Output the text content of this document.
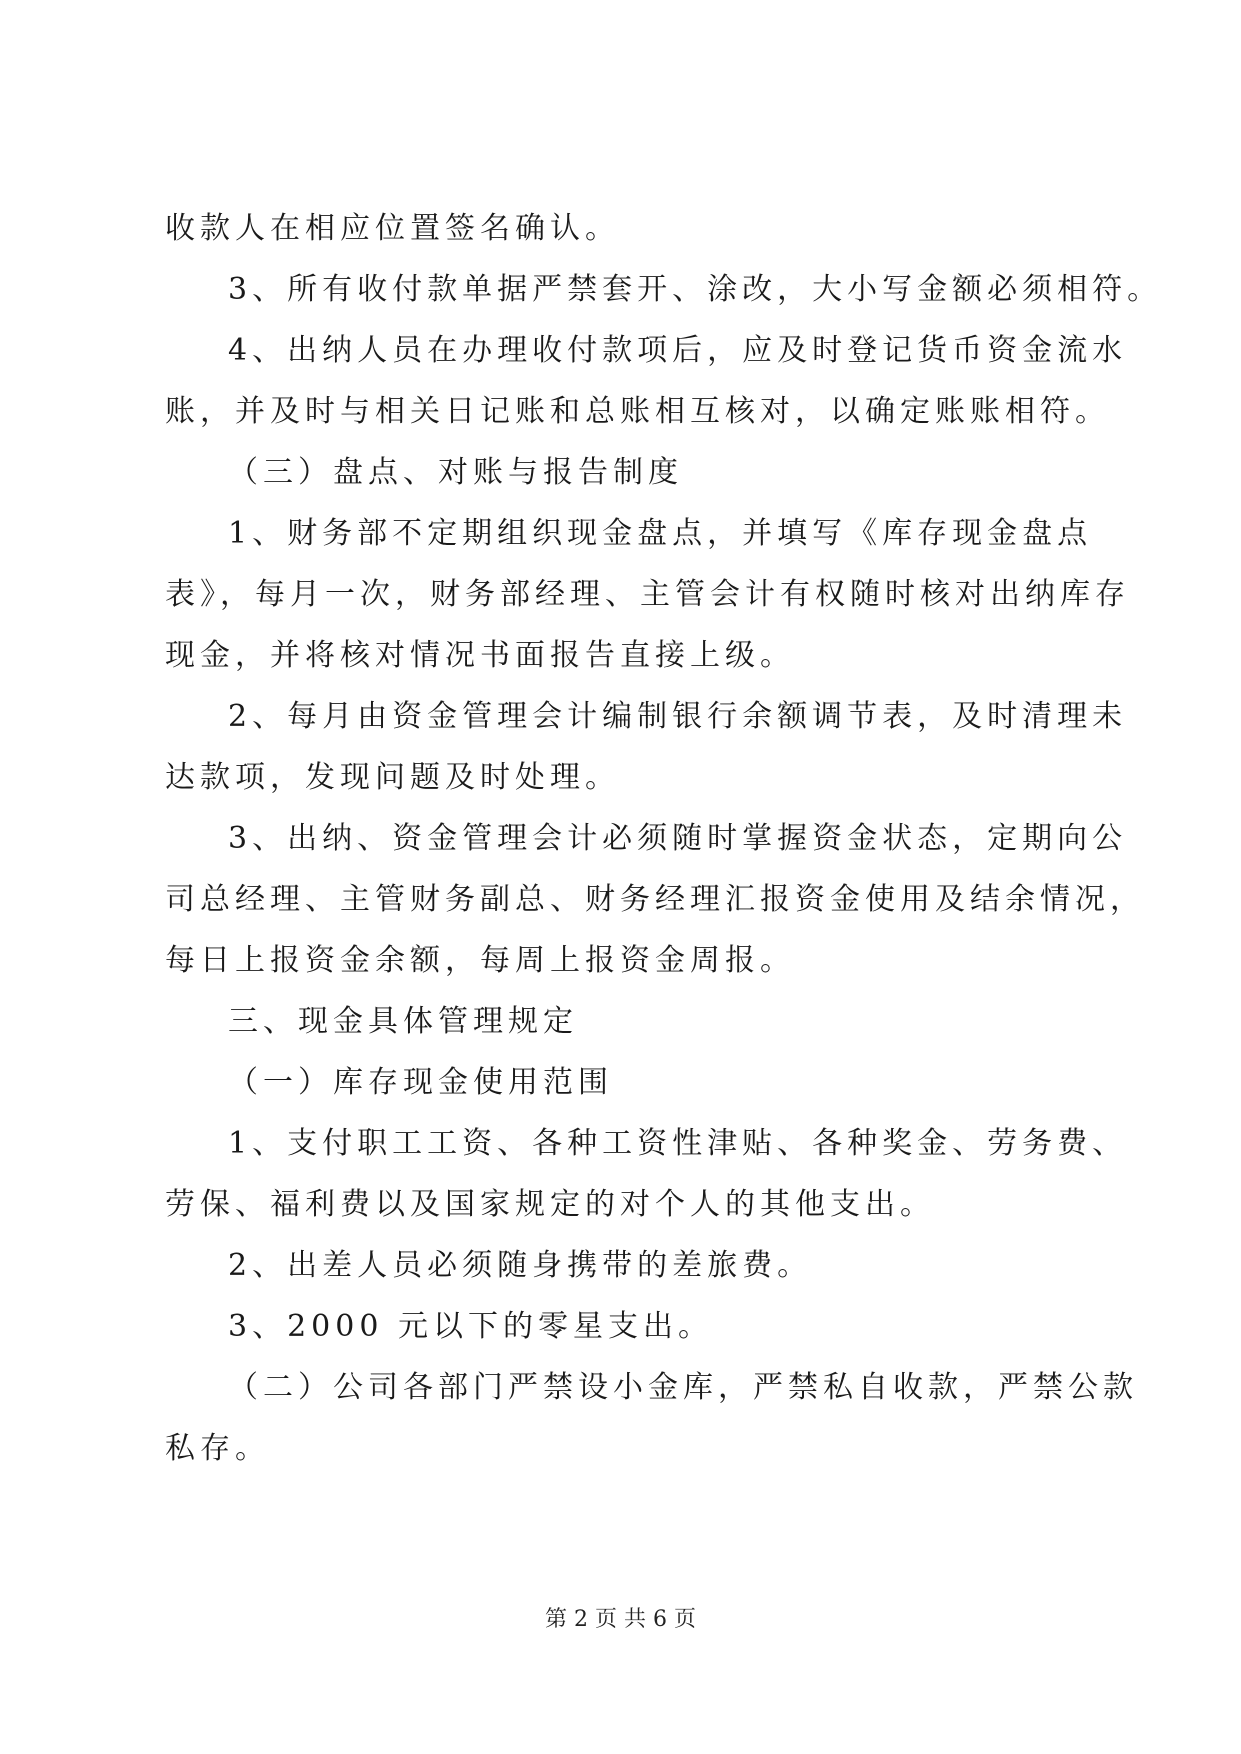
收款人在相应位置签名确认。
3、所有收付款单据严禁套开、涂改，大小写金额必须相符。
4、出纳人员在办理收付款项后，应及时登记货币资金流水
账，并及时与相关日记账和总账相互核对，以确定账账相符。
（三）盘点、对账与报告制度
1、财务部不定期组织现金盘点，并填写《库存现金盘点
表》，每月一次，财务部经理、主管会计有权随时核对出纳库存
现金，并将核对情况书面报告直接上级。
2、每月由资金管理会计编制银行余额调节表，及时清理未
达款项，发现问题及时处理。
3、出纳、资金管理会计必须随时掌握资金状态，定期向公
司总经理、主管财务副总、财务经理汇报资金使用及结余情况，
每日上报资金余额，每周上报资金周报。
三、现金具体管理规定
（一）库存现金使用范围
1、支付职工工资、各种工资性津贴、各种奖金、劳务费、
劳保、福利费以及国家规定的对个人的其他支出。
2、出差人员必须随身携带的差旅费。
3、2000 元以下的零星支出。
（二）公司各部门严禁设小金库，严禁私自收款，严禁公款
私存。
第 2 页 共 6 页
